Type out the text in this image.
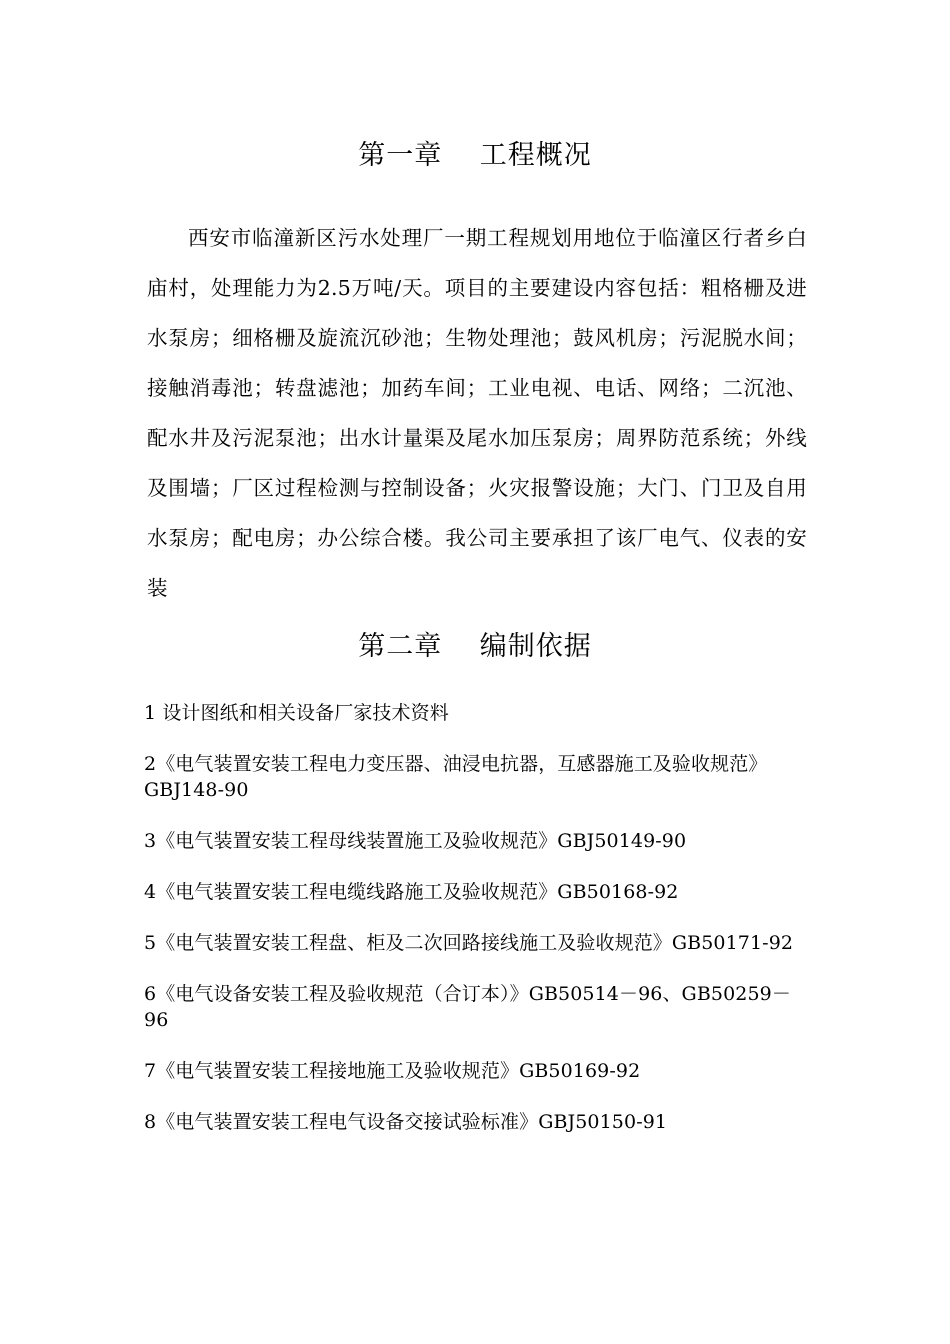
第一章　 工程概况

西安市临潼新区污水处理厂一期工程规划用地位于临潼区行者乡白庙村，处理能力为2.5万吨/天。项目的主要建设内容包括：粗格栅及进水泵房；细格栅及旋流沉砂池；生物处理池；鼓风机房；污泥脱水间；接触消毒池；转盘滤池；加药车间；工业电视、电话、网络；二沉池、配水井及污泥泵池；出水计量渠及尾水加压泵房；周界防范系统；外线及围墙；厂区过程检测与控制设备；火灾报警设施；大门、门卫及自用水泵房；配电房；办公综合楼。我公司主要承担了该厂电气、仪表的安装

第二章　 编制依据
1 设计图纸和相关设备厂家技术资料
2《电气装置安装工程电力变压器、油浸电抗器，互感器施工及验收规范》GBJ148-90
3《电气装置安装工程母线装置施工及验收规范》GBJ50149-90
4《电气装置安装工程电缆线路施工及验收规范》GB50168-92
5《电气装置安装工程盘、柜及二次回路接线施工及验收规范》GB50171-92
6《电气设备安装工程及验收规范（合订本）》GB50514－96、GB50259－96
7《电气装置安装工程接地施工及验收规范》GB50169-92
8《电气装置安装工程电气设备交接试验标准》GBJ50150-91
